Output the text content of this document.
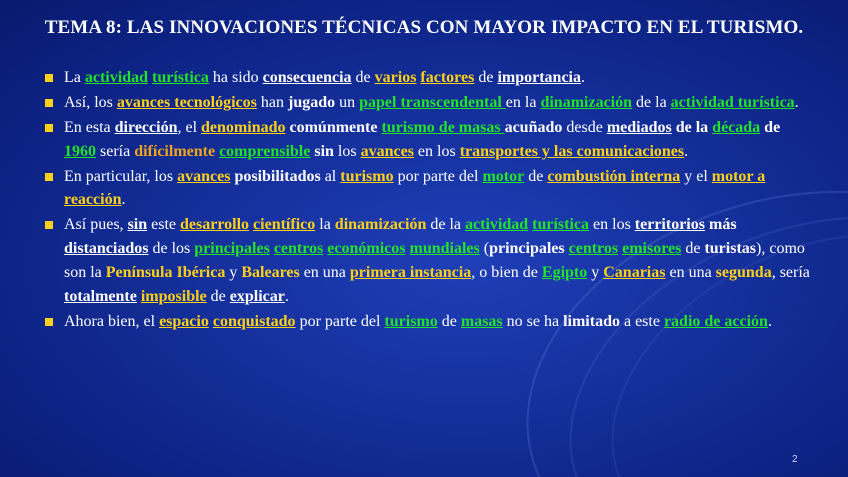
TEMA 8: LAS INNOVACIONES TÉCNICAS CON MAYOR IMPACTO EN EL TURISMO.
La actividad turística ha sido consecuencia de varios factores de importancia.
Así, los avances tecnológicos han jugado un papel transcendental en la dinamización de la actividad turística.
En esta dirección, el denominado comúnmente turismo de masas acuñado desde mediados de la década de 1960 sería difícilmente comprensible sin los avances en los transportes y las comunicaciones.
En particular, los avances posibilitados al turismo por parte del motor de combustión interna y el motor a reacción.
Así pues, sin este desarrollo científico la dinamización de la actividad turística en los territorios más distanciados de los principales centros económicos mundiales (principales centros emisores de turistas), como son la Península Ibérica y Baleares en una primera instancia, o bien de Egipto y Canarias en una segunda, sería totalmente imposible de explicar.
Ahora bien, el espacio conquistado por parte del turismo de masas no se ha limitado a este radio de acción.
2
